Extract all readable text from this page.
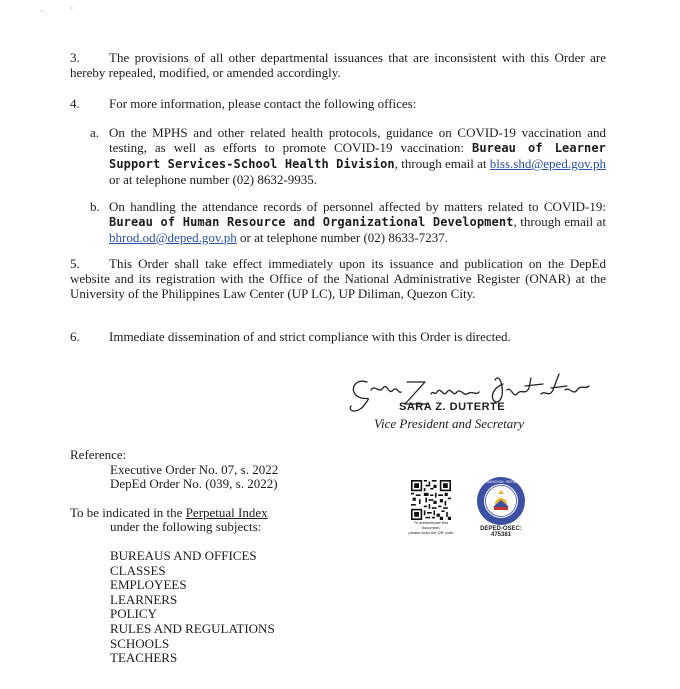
·	˚
3.	The provisions of all other departmental issuances that are inconsistent with this Order are hereby repealed, modified, or amended accordingly.
4. For more information, please contact the following offices:
a. On the MPHS and other related health protocols, guidance on COVID-19 vaccination and testing, as well as efforts to promote COVID-19 vaccination: Bureau of Learner Support Services-School Health Division, through email at blss.shd@eped.gov.ph or at telephone number (02) 8632-9935.
b. On handling the attendance records of personnel affected by matters related to COVID-19: Bureau of Human Resource and Organizational Development, through email at bhrod.od@deped.gov.ph or at telephone number (02) 8633-7237.
5.	This Order shall take effect immediately upon its issuance and publication on the DepEd website and its registration with the Office of the National Administrative Register (ONAR) at the University of the Philippines Law Center (UP LC), UP Diliman, Quezon City.
6. Immediate dissemination of and strict compliance with this Order is directed.
Sara Zimmerman Duterte
SARA Z. DUTERTE
Vice President and Secretary
Reference:
Executive Order No. 07, s. 2022
DepEd Order No. (039, s. 2022)
To be indicated in the Perpetual Index
under the following subjects:
BUREAUS AND OFFICES
CLASSES
EMPLOYEES
LEARNERS
POLICY
RULES AND REGULATIONS
SCHOOLS
TEACHERS
To authenticate this document,
please scan the QR code
KAGAWARAN NG EDUKASYON · REPUBLIKA NG PILIPINAS
DEPED-OSEC: 475381
